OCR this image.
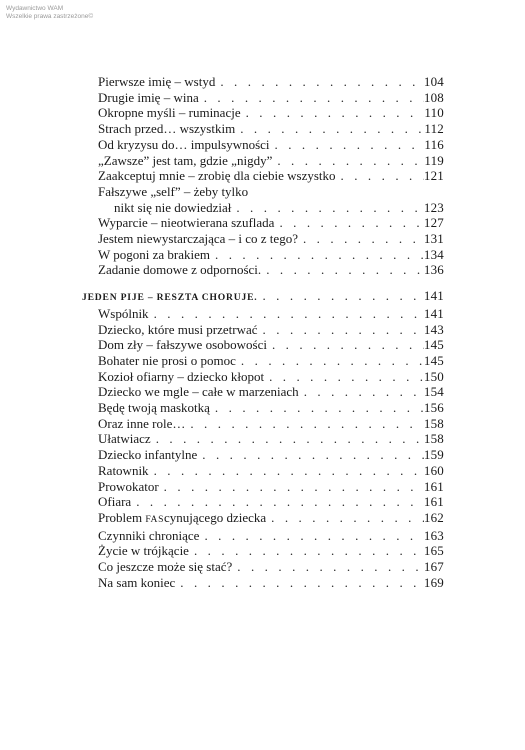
Wydawnictwo WAM
Wszelkie prawa zastrzeżone©
Pierwsze imię – wstyd . . .	104
Drugie imię – wina . . .	108
Okropne myśli – ruminacje . . .	110
Strach przed… wszystkim . . .	112
Od kryzysu do… impulsywności . . .	116
„Zawsze” jest tam, gdzie „nigdy” . . .	119
Zaakceptuj mnie – zrobię dla ciebie wszystko . . .	121
Fałszywe „self” – żeby tylko
nikt się nie dowiedział . . .	123
Wyparcie – nieotwierana szuflada . . .	127
Jestem niewystarczająca – i co z tego? . . .	131
W pogoni za brakiem . . .	134
Zadanie domowe z odporności. . . .	136
JEDEN PIJE – RESZTA CHORUJE. . . .	141
Wspólnik . . .	141
Dziecko, które musi przetrwać . . .	143
Dom zły – fałszywe osobowości . . .	145
Bohater nie prosi o pomoc . . .	145
Kozioł ofiarny – dziecko kłopot . . .	150
Dziecko we mgle – całe w marzeniach . . .	154
Będę twoją maskotką . . .	156
Oraz inne role… . . .	158
Ułatwiacz . . .	158
Dziecko infantylne . . .	159
Ratownik . . .	160
Prowokator . . .	161
Ofiara . . .	161
Problem FAScynującego dziecka . . .	162
Czynniki chroniące . . .	163
Życie w trójkącie . . .	165
Co jeszcze może się stać? . . .	167
Na sam koniec . . .	169
